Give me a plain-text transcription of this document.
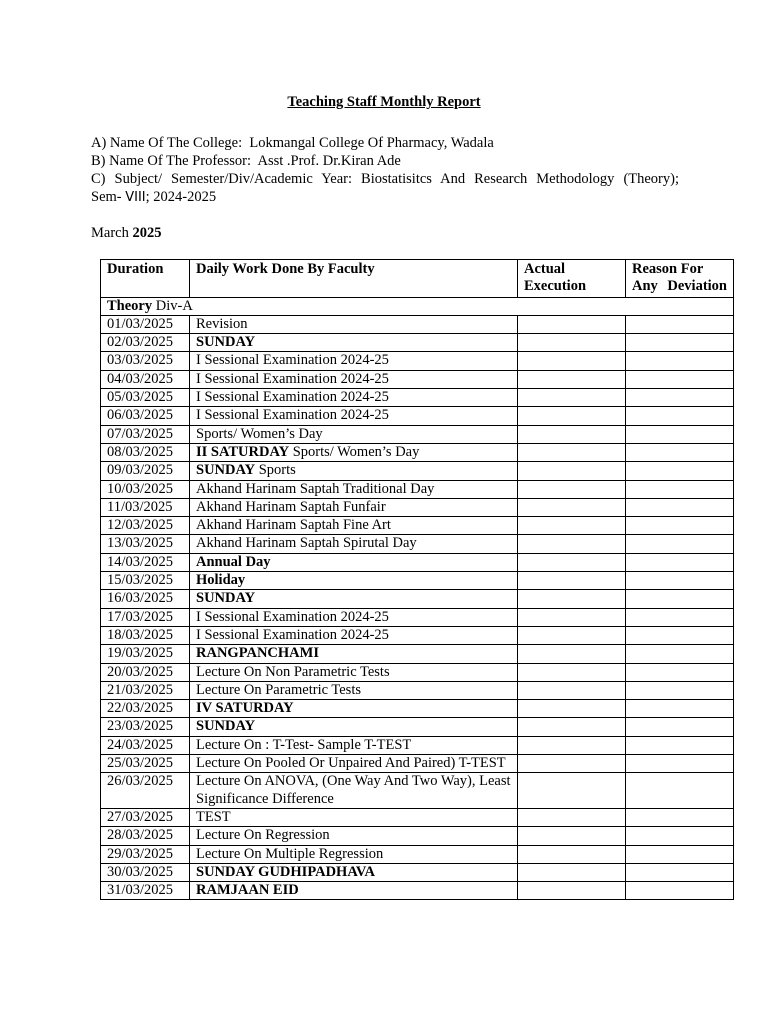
Teaching Staff Monthly Report
A) Name Of The College: Lokmangal College Of Pharmacy, Wadala
B) Name Of The Professor: Asst .Prof. Dr.Kiran Ade
C) Subject/ Semester/Div/Academic Year: Biostatisitcs And Research Methodology (Theory);
Sem- VIII; 2024-2025
March 2025
Duration	Daily Work Done By Faculty	Actual Execution	Reason For Any Deviation
Theory Div-A			
01/03/2025	Revision		
02/03/2025	SUNDAY		
03/03/2025	I Sessional Examination 2024-25		
04/03/2025	I Sessional Examination 2024-25		
05/03/2025	I Sessional Examination 2024-25		
06/03/2025	I Sessional Examination 2024-25		
07/03/2025	Sports/ Women’s Day		
08/03/2025	II SATURDAY Sports/ Women’s Day		
09/03/2025	SUNDAY Sports		
10/03/2025	Akhand Harinam Saptah Traditional Day		
11/03/2025	Akhand Harinam Saptah Funfair		
12/03/2025	Akhand Harinam Saptah Fine Art		
13/03/2025	Akhand Harinam Saptah Spirutal Day		
14/03/2025	Annual Day		
15/03/2025	Holiday		
16/03/2025	SUNDAY		
17/03/2025	I Sessional Examination 2024-25		
18/03/2025	I Sessional Examination 2024-25		
19/03/2025	RANGPANCHAMI		
20/03/2025	Lecture On Non Parametric Tests		
21/03/2025	Lecture On Parametric Tests		
22/03/2025	IV SATURDAY		
23/03/2025	SUNDAY		
24/03/2025	Lecture On : T-Test- Sample T-TEST		
25/03/2025	Lecture On Pooled Or Unpaired And Paired) T-TEST		
26/03/2025	Lecture On ANOVA, (One Way And Two Way), Least Significance Difference		
27/03/2025	TEST		
28/03/2025	Lecture On Regression		
29/03/2025	Lecture On Multiple Regression		
30/03/2025	SUNDAY GUDHIPADHAVA		
31/03/2025	RAMJAAN EID		
